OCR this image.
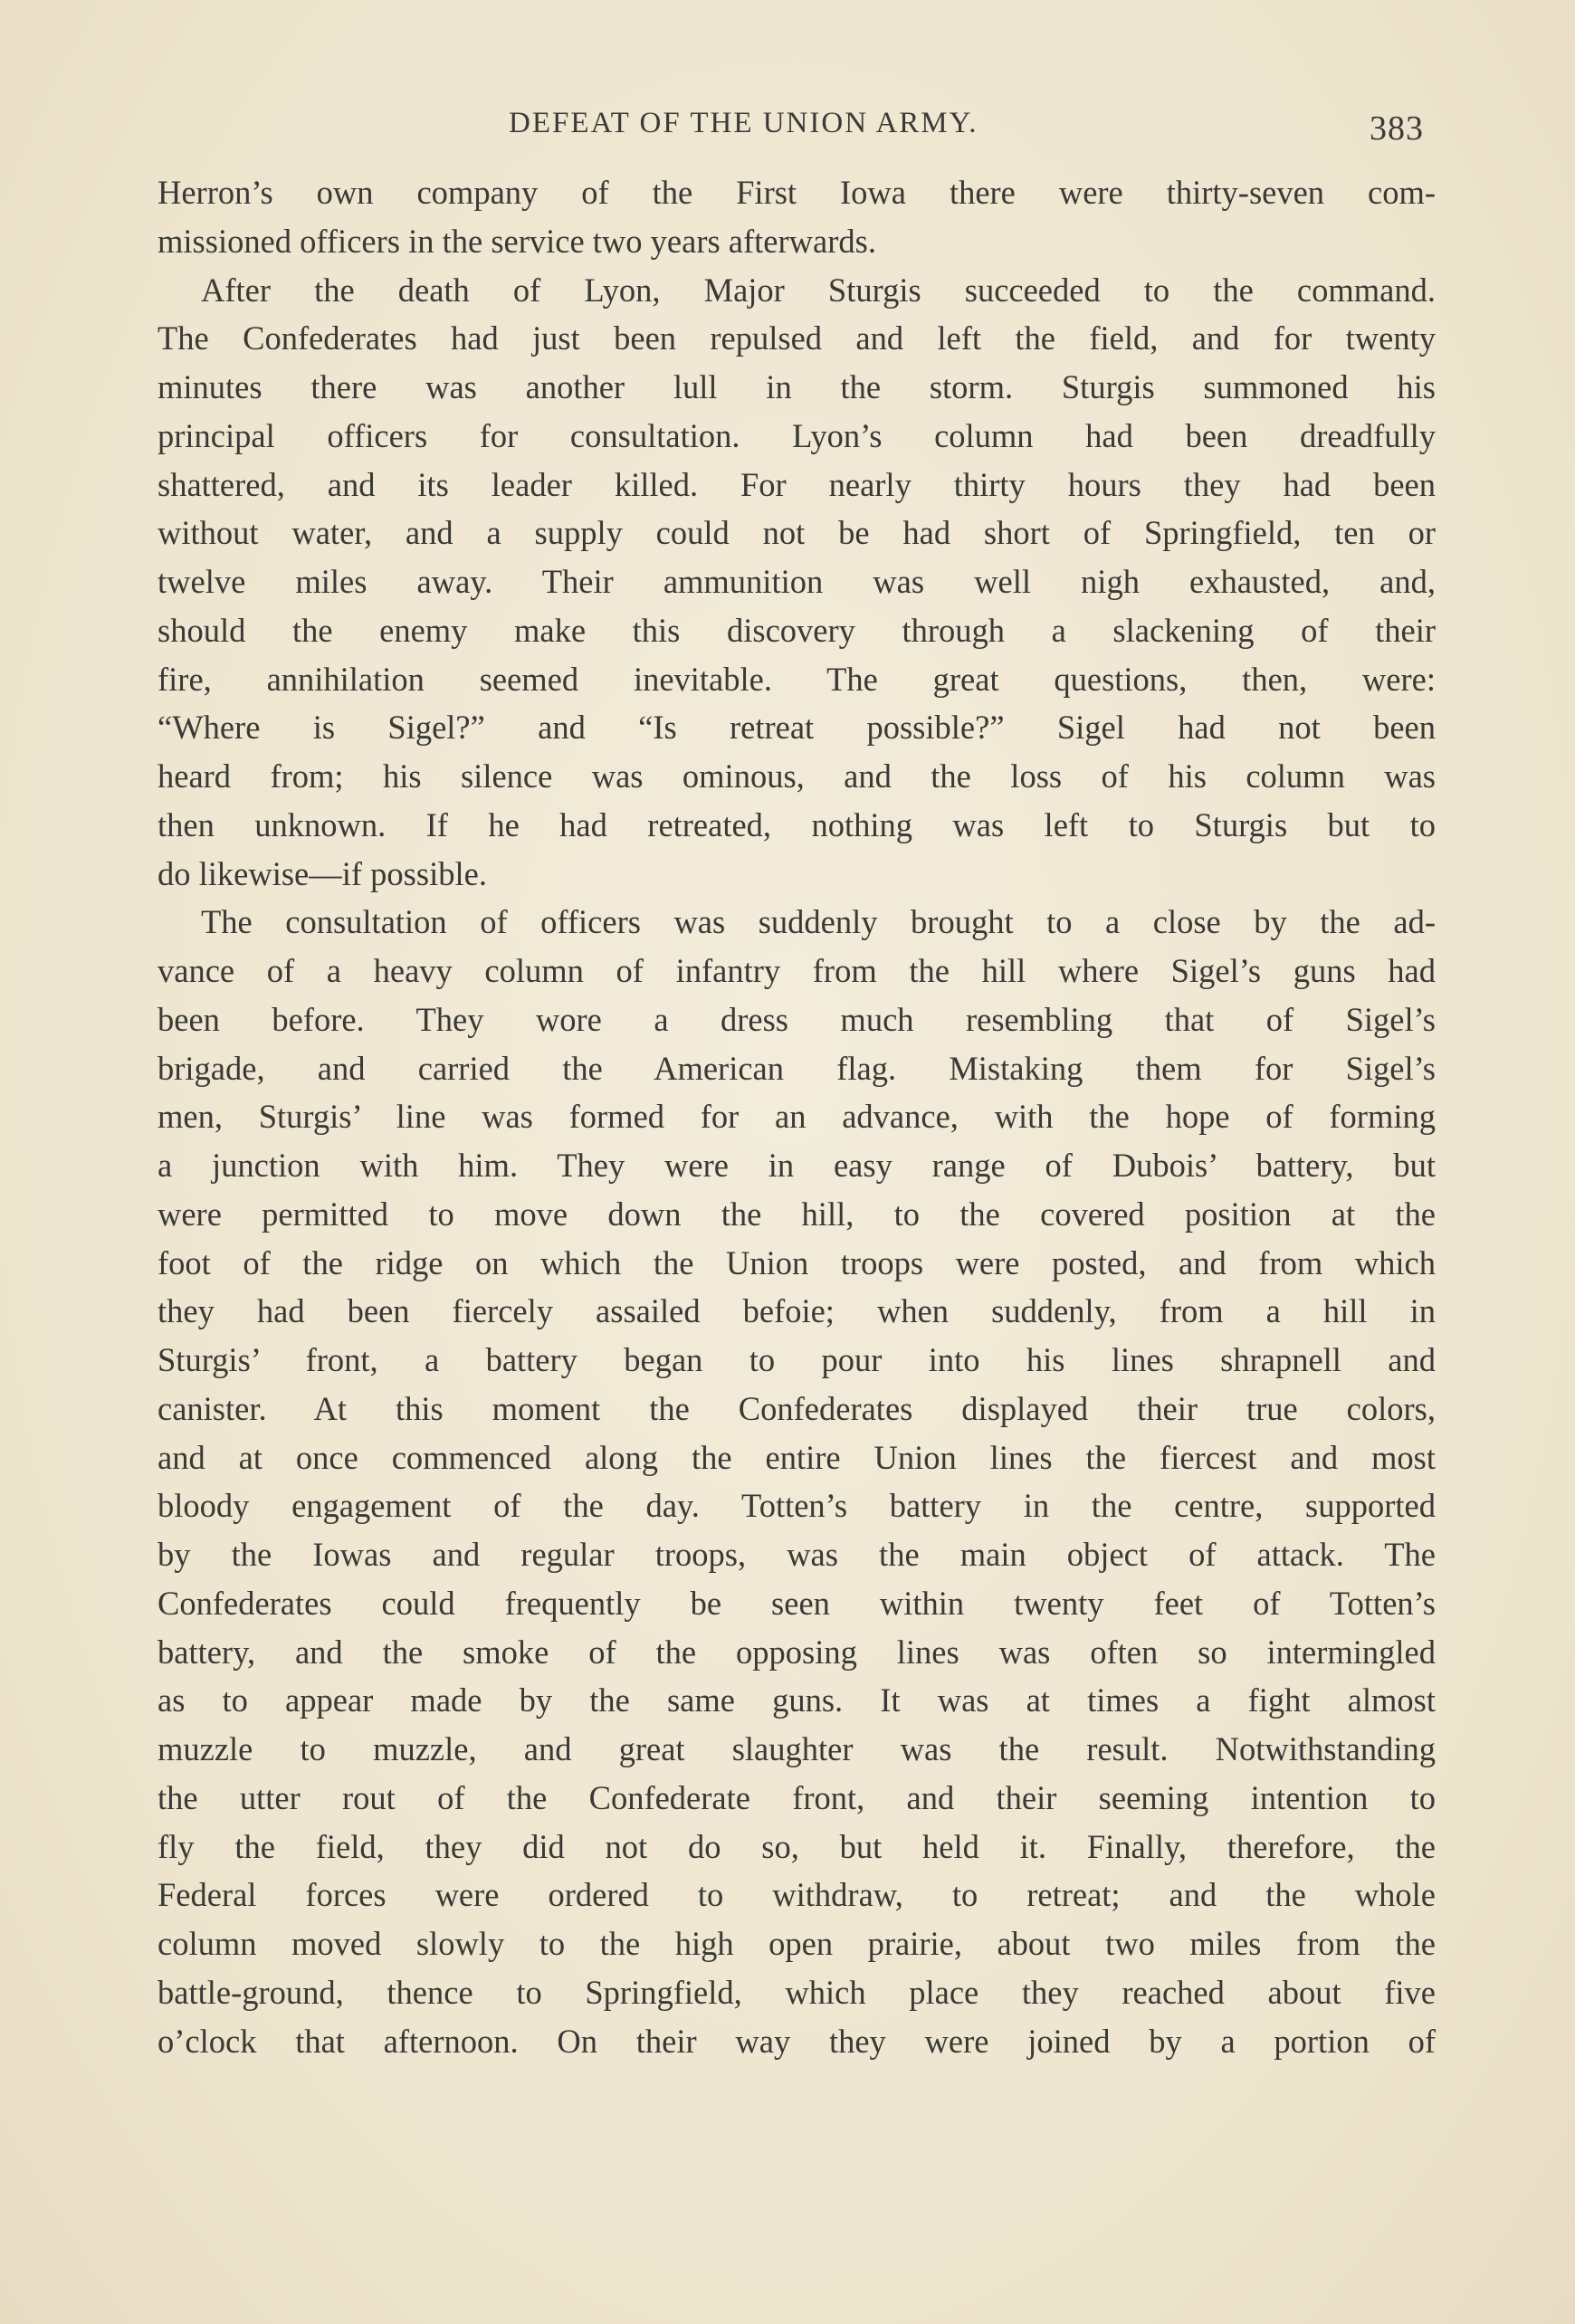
DEFEAT OF THE UNION ARMY.	383
Herron’s own company of the First Iowa there were thirty-seven com-
missioned officers in the service two years afterwards.
After the death of Lyon, Major Sturgis succeeded to the command.
The Confederates had just been repulsed and left the field, and for twenty
minutes there was another lull in the storm. Sturgis summoned his
principal officers for consultation. Lyon’s column had been dreadfully
shattered, and its leader killed. For nearly thirty hours they had been
without water, and a supply could not be had short of Springfield, ten or
twelve miles away. Their ammunition was well nigh exhausted, and,
should the enemy make this discovery through a slackening of their
fire, annihilation seemed inevitable. The great questions, then, were:
“Where is Sigel?” and “Is retreat possible?” Sigel had not been
heard from; his silence was ominous, and the loss of his column was
then unknown. If he had retreated, nothing was left to Sturgis but to
do likewise—if possible.
The consultation of officers was suddenly brought to a close by the ad-
vance of a heavy column of infantry from the hill where Sigel’s guns had
been before. They wore a dress much resembling that of Sigel’s
brigade, and carried the American flag. Mistaking them for Sigel’s
men, Sturgis’ line was formed for an advance, with the hope of forming
a junction with him. They were in easy range of Dubois’ battery, but
were permitted to move down the hill, to the covered position at the
foot of the ridge on which the Union troops were posted, and from which
they had been fiercely assailed befoie; when suddenly, from a hill in
Sturgis’ front, a battery began to pour into his lines shrapnell and
canister. At this moment the Confederates displayed their true colors,
and at once commenced along the entire Union lines the fiercest and most
bloody engagement of the day. Totten’s battery in the centre, supported
by the Iowas and regular troops, was the main object of attack. The
Confederates could frequently be seen within twenty feet of Totten’s
battery, and the smoke of the opposing lines was often so intermingled
as to appear made by the same guns. It was at times a fight almost
muzzle to muzzle, and great slaughter was the result. Notwithstanding
the utter rout of the Confederate front, and their seeming intention to
fly the field, they did not do so, but held it. Finally, therefore, the
Federal forces were ordered to withdraw, to retreat; and the whole
column moved slowly to the high open prairie, about two miles from the
battle-ground, thence to Springfield, which place they reached about five
o’clock that afternoon. On their way they were joined by a portion of
